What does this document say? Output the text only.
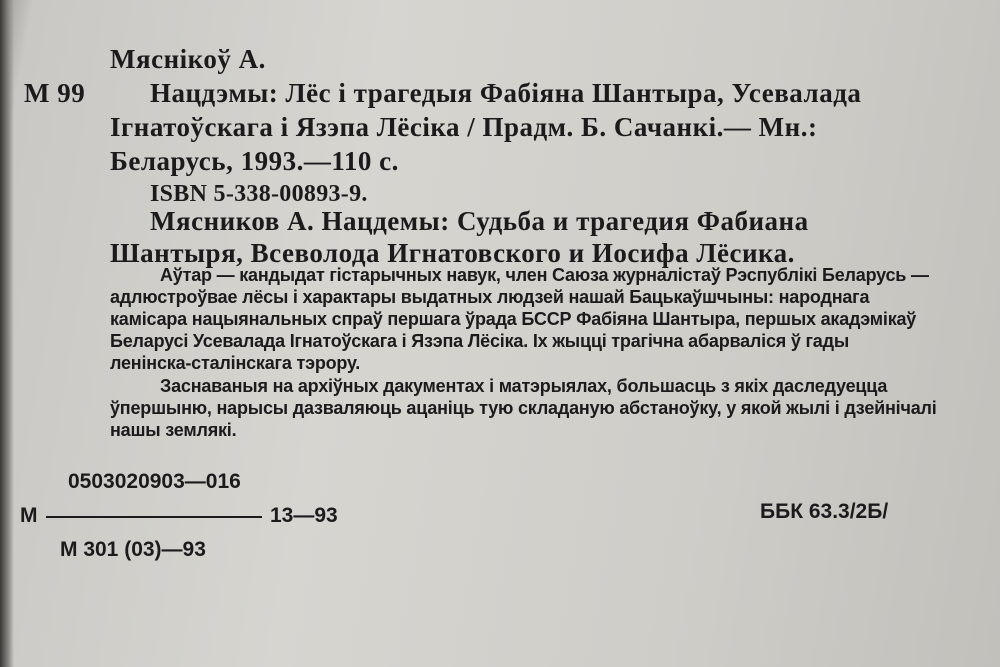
Мяснікоў А.
М 99 Нацдэмы: Лёс і трагедыя Фабіяна Шантыра, Усевалада
Ігнатоўскага і Язэпа Лёсіка / Прадм. Б. Сачанкі.— Мн.:
Беларусь, 1993.—110 с.
ISBN 5-338-00893-9.
Мясников А. Нацдемы: Судьба и трагедия Фабиана
Шантыря, Всеволода Игнатовского и Иосифа Лёсика.
Аўтар — кандыдат гістарычных навук, член Саюза журналістаў Рэспублікі Беларусь —
адлюстроўвае лёсы і характары выдатных людзей нашай Бацькаўшчыны: народнага
камісара нацыянальных спраў першага ўрада БССР Фабіяна Шантыра, першых акадэмікаў
Беларусі Усевалада Ігнатоўскага і Язэпа Лёсіка. Іх жыцці трагічна абарваліся ў гады
ленінска-сталінскага тэрору.
Заснаваныя на архіўных дакументах і матэрыялах, большасць з якіх даследуецца
ўпершыню, нарысы дазваляюць ацаніць тую складаную абстаноўку, у якой жылі і дзейнічалі
нашы землякі.
0503020903—016
М	13—93
М 301 (03)—93
ББК 63.3/2Б/
